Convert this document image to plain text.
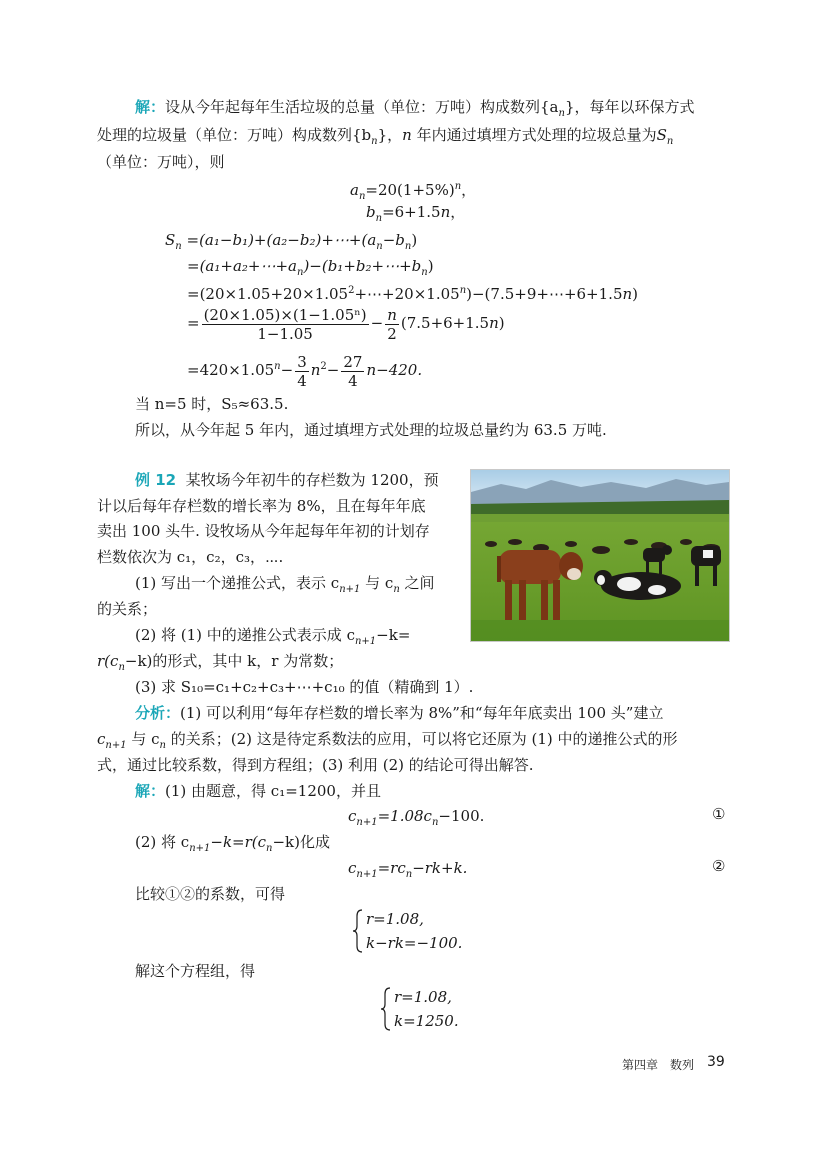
解：设从今年起每年生活垃圾的总量（单位：万吨）构成数列$\{a_n\}$，每年以环保方式
处理的垃圾量（单位：万吨）构成数列$\{b_n\}$，n 年内通过填埋方式处理的垃圾总量为$S_n$
（单位：万吨），则
$a_n=20(1+5\%)^n$，
$b_n=6+1.5n$，
$S_n$ $=(a_1-b_1)+(a_2-b_2)+\cdots+(a_n-b_n)$
$=(a_1+a_2+\cdots+a_n)-(b_1+b_2+\cdots+b_n)$
$=(20\times 1.05+20\times 1.05^2+\cdots+20\times 1.05^n)-(7.5+9+\cdots+6+1.5n)$
= $\frac{\text{(20×1.05)×(1−1.05ⁿ)}}{1-1.05} - \frac{n}{2} (7.5+6+1.5n)$
$=420\times 1.05^n- \frac{3}{4} n^2- \frac{27}{4} n-420$.
当 n=5 时，S₅≈63.5.
所以，从今年起 5 年内，通过填埋方式处理的垃圾总量约为 63.5 万吨.
例 12 某牧场今年初牛的存栏数为 1200，预
计以后每年存栏数的增长率为 8%，且在每年年底
卖出 100 头牛. 设牧场从今年起每年年初的计划存
栏数依次为 c₁，c₂，c₃，⋯.
(1) 写出一个递推公式，表示 $c_{n+1}$ 与 $c_n$ 之间
的关系；
(2) 将 (1) 中的递推公式表示成 $c_{n+1}-k=$
$r(c_n-k)$的形式，其中 k，r 为常数；
(3) 求 S₁₀=c₁+c₂+c₃+⋯+c₁₀ 的值（精确到 1）.
分析：(1) 可以利用“每年存栏数的增长率为 8%”和“每年年底卖出 100 头”建立
$c_{n+1}$ 与 $c_n$ 的关系；(2) 这是待定系数法的应用，可以将它还原为 (1) 中的递推公式的形
式，通过比较系数，得到方程组；(3) 利用 (2) 的结论可得出解答.
解：(1) 由题意，得 c₁=1200，并且
$c_{n+1}=1.08c_n-100$.	①
(2) 将 $c_{n+1}-k=r(c_n-k)$化成
$c_{n+1}=rc_n-rk+k$.	②
比较①②的系数，可得
r=1.08,
k−rk=−100.
解这个方程组，得
r=1.08,
k=1250.
第四章　数列 39
